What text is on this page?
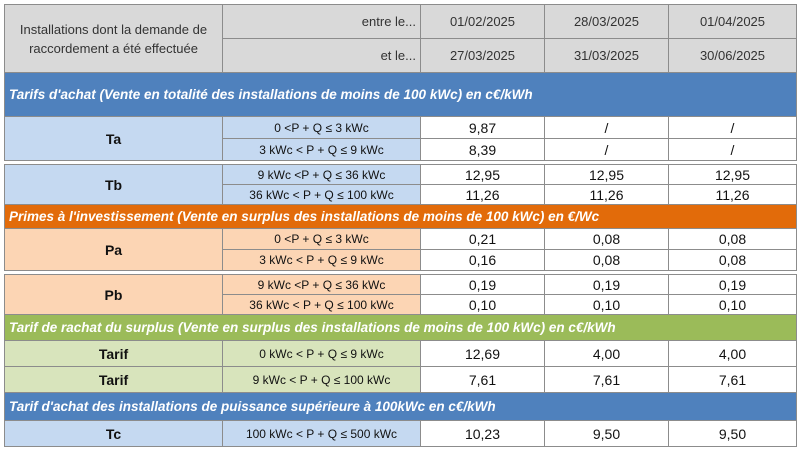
Installations dont la demande de raccordement a été effectuée	entre le...	01/02/2025	28/03/2025	01/04/2025
	et le...	27/03/2025	31/03/2025	30/06/2025
Tarifs d'achat (Vente en totalité des installations de moins de 100 kWc) en c€/kWh				
Ta	0 <P + Q ≤ 3 kWc	9,87	/	/
	3 kWc < P + Q ≤ 9 kWc	8,39	/	/

Tb	9 kWc <P + Q ≤ 36 kWc	12,95	12,95	12,95
	36 kWc < P + Q ≤ 100 kWc	11,26	11,26	11,26
Primes à l'investissement (Vente en surplus des installations de moins de 100 kWc) en €/Wc				
Pa	0 <P + Q ≤ 3 kWc	0,21	0,08	0,08
	3 kWc < P + Q ≤ 9 kWc	0,16	0,08	0,08

Pb	9 kWc <P + Q ≤ 36 kWc	0,19	0,19	0,19
	36 kWc < P + Q ≤ 100 kWc	0,10	0,10	0,10
Tarif de rachat du surplus (Vente en surplus des installations de moins de 100 kWc) en c€/kWh				
Tarif	0 kWc < P + Q ≤ 9 kWc	12,69	4,00	4,00
Tarif	9 kWc < P + Q ≤ 100 kWc	7,61	7,61	7,61
Tarif d'achat des installations de puissance supérieure à 100kWc en c€/kWh				
Tc	100 kWc < P + Q ≤ 500 kWc	10,23	9,50	9,50
